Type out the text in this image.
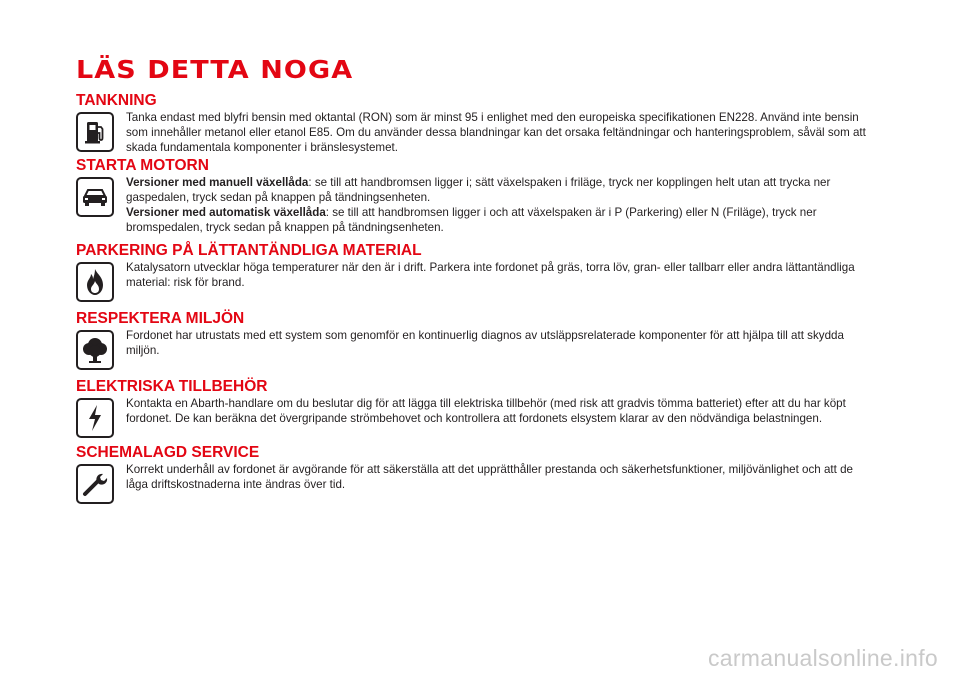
LÄS DETTA NOGA
TANKNING

Tanka endast med blyfri bensin med oktantal (RON) som är minst 95 i enlighet med den europeiska specifikationen EN228. Använd inte bensin som innehåller metanol eller etanol E85. Om du använder dessa blandningar kan det orsaka feltändningar och hanteringsproblem, såväl som att skada fundamentala komponenter i bränslesystemet.

STARTA MOTORN

Versioner med manuell växellåda: se till att handbromsen ligger i; sätt växelspaken i friläge, tryck ner kopplingen helt utan att trycka ner gaspedalen, tryck sedan på knappen på tändningsenheten.

Versioner med automatisk växellåda: se till att handbromsen ligger i och att växelspaken är i P (Parkering) eller N (Friläge), tryck ner bromspedalen, tryck sedan på knappen på tändningsenheten.

PARKERING PÅ LÄTTANTÄNDLIGA MATERIAL

Katalysatorn utvecklar höga temperaturer när den är i drift. Parkera inte fordonet på gräs, torra löv, gran- eller tallbarr eller andra lättantändliga material: risk för brand.

RESPEKTERA MILJÖN

Fordonet har utrustats med ett system som genomför en kontinuerlig diagnos av utsläppsrelaterade komponenter för att hjälpa till att skydda miljön.

ELEKTRISKA TILLBEHÖR

Kontakta en Abarth-handlare om du beslutar dig för att lägga till elektriska tillbehör (med risk att gradvis tömma batteriet) efter att du har köpt fordonet. De kan beräkna det övergripande strömbehovet och kontrollera att fordonets elsystem klarar av den nödvändiga belastningen.

SCHEMALAGD SERVICE

Korrekt underhåll av fordonet är avgörande för att säkerställa att det upprätthåller prestanda och säkerhetsfunktioner, miljövänlighet och att de låga driftskostnaderna inte ändras över tid.

carmanualsonline.info
